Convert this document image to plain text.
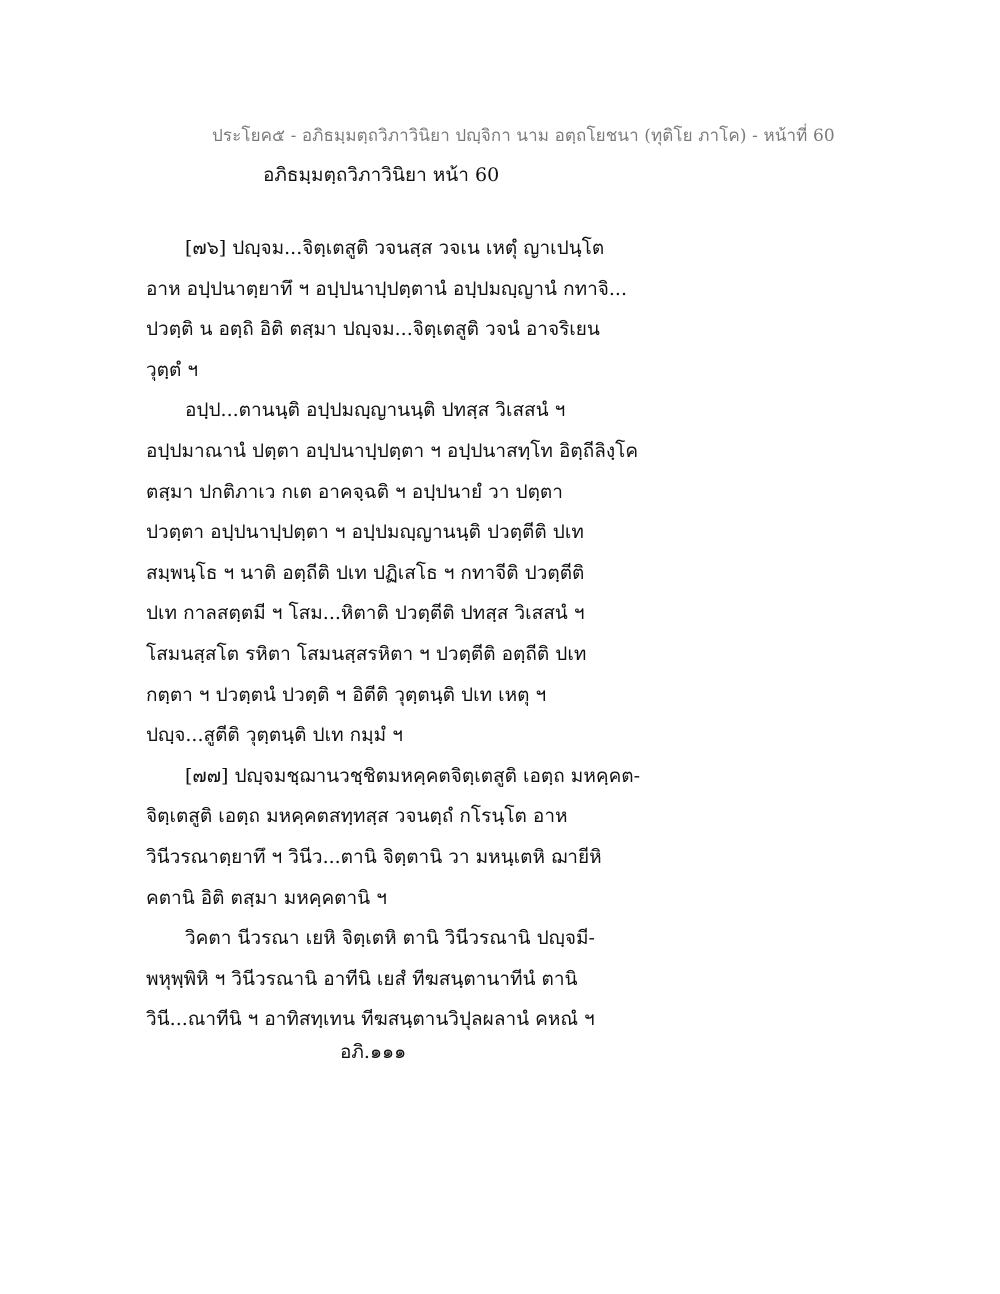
ประโยค๕ - อภิธมฺมตฺถวิภาวินิยา ปญฺจิกา นาม อตฺถโยชนา (ทุติโย ภาโค) - หน้าที่ 60
อภิธมฺมตฺถวิภาวินิยา หน้า 60
[๗๖] ปญฺจม...จิตฺเตสูติ วจนสฺส วจเน เหตุํ ญาเปนฺโต
อาห อปฺปนาตฺยาทึ ฯ อปฺปนาปฺปตฺตานํ อปฺปมญฺญานํ กทาจิ...
ปวตฺติ น อตฺถิ อิติ ตสฺมา ปญฺจม...จิตฺเตสูติ วจนํ อาจริเยน
วุตฺตํ ฯ
อปฺป...ตานนฺติ อปฺปมญฺญานนฺติ ปทสฺส วิเสสนํ ฯ
อปฺปมาณานํ ปตฺตา อปฺปนาปฺปตฺตา ฯ อปฺปนาสทฺโท อิตฺถีลิงฺโค
ตสฺมา ปกติภาเว กเต อาคจฺฉติ ฯ อปฺปนายํ วา ปตฺตา
ปวตฺตา อปฺปนาปฺปตฺตา ฯ อปฺปมญฺญานนฺติ ปวตฺตีติ ปเท
สมฺพนฺโธ ฯ นาติ อตฺถีติ ปเท ปฏิเสโธ ฯ กทาจีติ ปวตฺตีติ
ปเท กาลสตฺตมี ฯ โสม...หิตาติ ปวตฺตีติ ปทสฺส วิเสสนํ ฯ
โสมนสฺสโต รหิตา โสมนสฺสรหิตา ฯ ปวตฺตีติ อตฺถีติ ปเท
กตฺตา ฯ ปวตฺตนํ ปวตฺติ ฯ อิตีติ วุตฺตนฺติ ปเท เหตุ ฯ
ปญฺจ...สูตีติ วุตฺตนฺติ ปเท กมฺมํ ฯ
[๗๗] ปญฺจมชฺฌานวชฺชิตมหคฺคตจิตฺเตสูติ เอตฺถ มหคฺคต-
จิตฺเตสูติ เอตฺถ มหคฺคตสทฺทสฺส วจนตฺถํ กโรนฺโต อาห
วินีวรณาตฺยาทึ ฯ วินีว...ตานิ จิตฺตานิ วา มหนฺเตหิ ฌายีหิ
คตานิ อิติ ตสฺมา มหคฺคตานิ ฯ
วิคตา นีวรณา เยหิ จิตฺเตหิ ตานิ วินีวรณานิ ปญฺจมี-
พหุพฺพิหิ ฯ วินีวรณานิ อาทีนิ เยสํ ทีฆสนฺตานาทีนํ ตานิ
วินี...ณาทีนิ ฯ อาทิสทฺเทน ทีฆสนฺตานวิปุลผลานํ คหณํ ฯ
อภิ.๑๑๑
